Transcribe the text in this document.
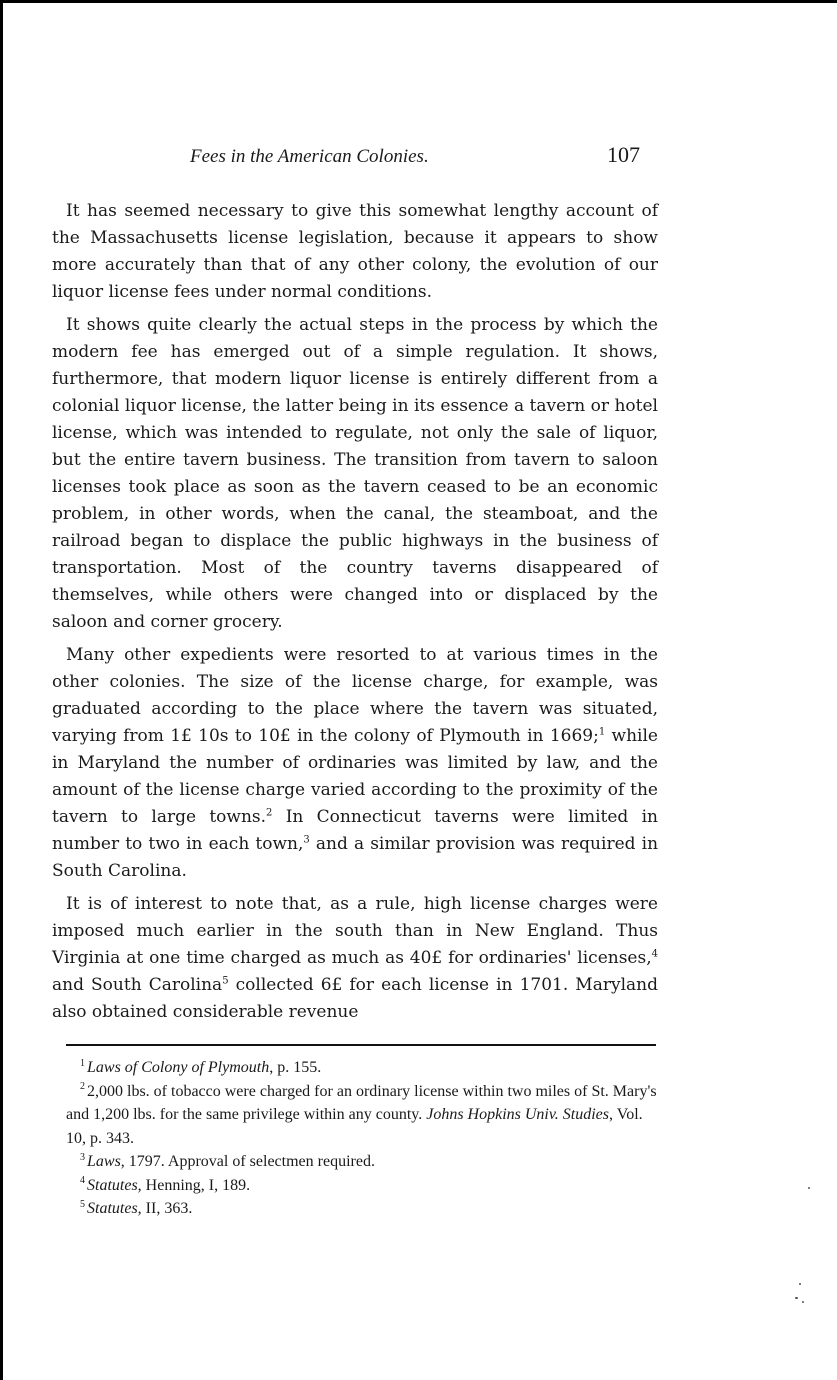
Fees in the American Colonies.	107

It has seemed necessary to give this somewhat lengthy account of the Massachusetts license legislation, because it appears to show more accurately than that of any other colony, the evolution of our liquor license fees under normal conditions.

It shows quite clearly the actual steps in the process by which the modern fee has emerged out of a simple regulation. It shows, furthermore, that modern liquor license is entirely different from a colonial liquor license, the latter being in its essence a tavern or hotel license, which was intended to regulate, not only the sale of liquor, but the entire tavern business. The transition from tavern to saloon licenses took place as soon as the tavern ceased to be an economic problem, in other words, when the canal, the steamboat, and the railroad began to displace the public highways in the business of transportation. Most of the country taverns disappeared of themselves, while others were changed into or displaced by the saloon and corner grocery.

Many other expedients were resorted to at various times in the other colonies. The size of the license charge, for example, was graduated according to the place where the tavern was situated, varying from 1£ 10s to 10£ in the colony of Plymouth in 1669;$^1$ while in Maryland the number of ordinaries was limited by law, and the amount of the license charge varied according to the proximity of the tavern to large towns.$^2$ In Connecticut taverns were limited in number to two in each town,$^3$ and a similar provision was required in South Carolina.

It is of interest to note that, as a rule, high license charges were imposed much earlier in the south than in New England. Thus Virginia at one time charged as much as 40£ for ordinaries' licenses,$^4$ and South Carolina$^5$ collected 6£ for each license in 1701. Maryland also obtained considerable revenue

$^1$ Laws of Colony of Plymouth, p. 155.

$^2$ 2,000 lbs. of tobacco were charged for an ordinary license within two miles of St. Mary's and 1,200 lbs. for the same privilege within any county. Johns Hopkins Univ. Studies, Vol. 10, p. 343.

$^3$ Laws, 1797. Approval of selectmen required.

$^4$ Statutes, Henning, I, 189.

$^5$ Statutes, II, 363.
